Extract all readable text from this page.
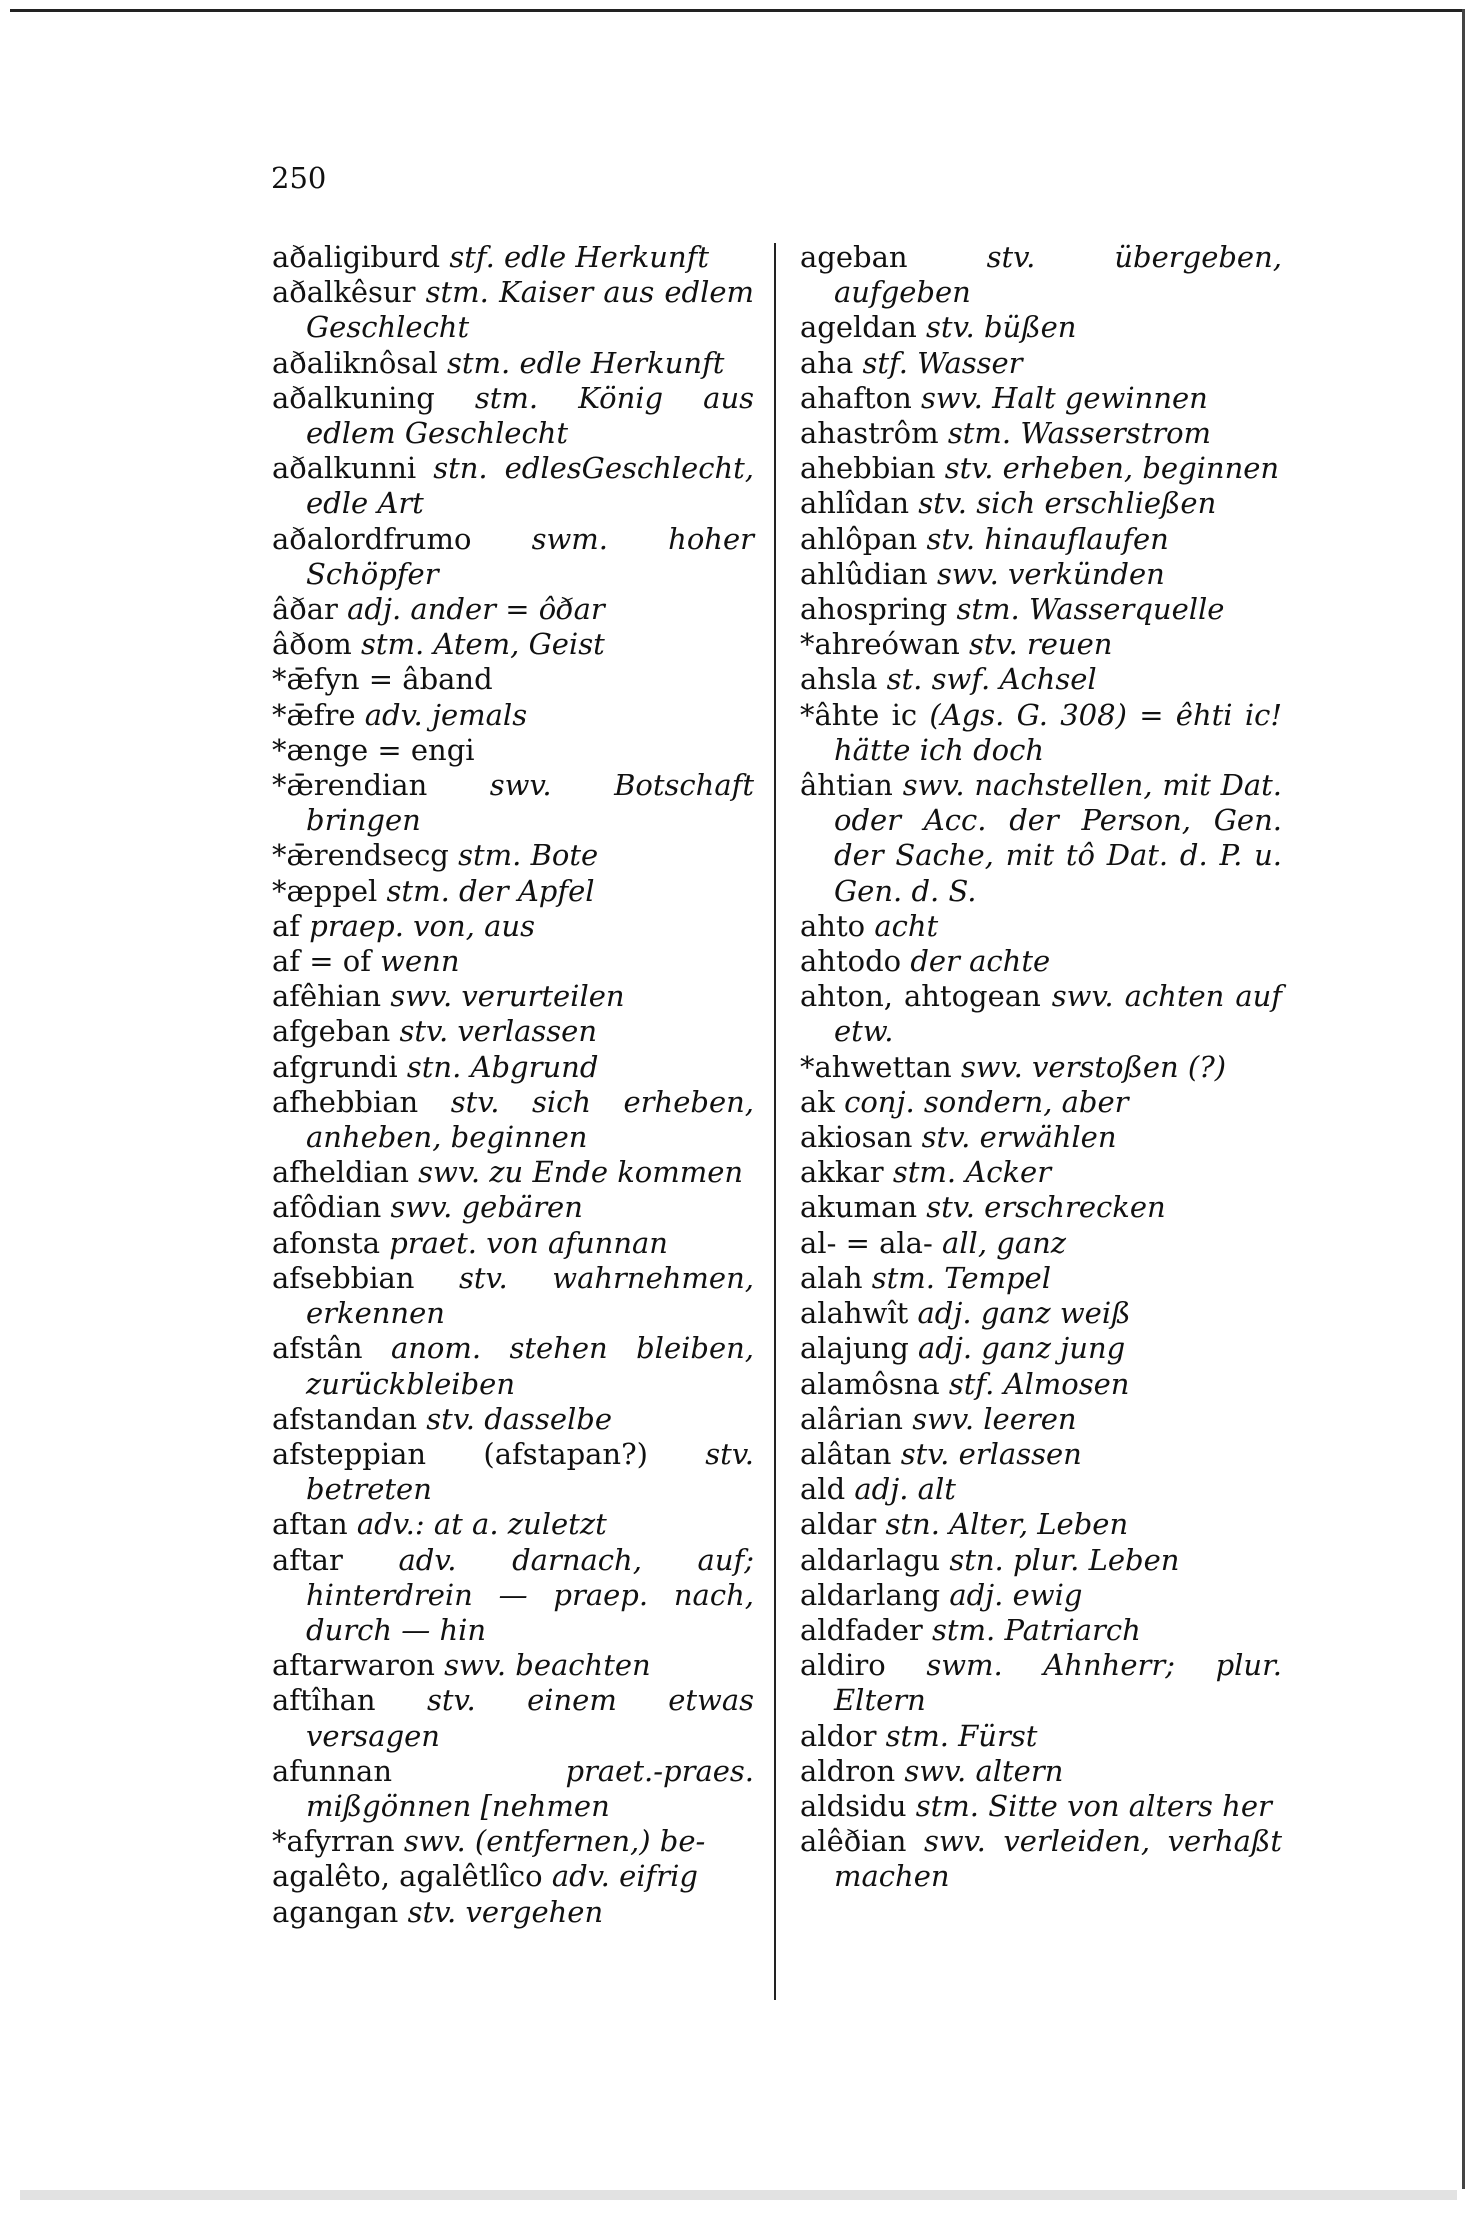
250

aðaligiburd stf. edle Herkunft

aðalkêsur stm. Kaiser aus edlem Geschlecht

aðaliknôsal stm. edle Herkunft

aðalkuning stm. König aus edlem Geschlecht

aðalkunni stn. edlesGeschlecht, edle Art

aðalordfrumo swm. hoher Schöpfer

âðar adj. ander = ôðar

âðom stm. Atem, Geist

*ǣfyn = âband

*ǣfre adv. jemals

*ænge = engi

*ǣrendian swv. Botschaft bringen

*ǣrendsecg stm. Bote

*æppel stm. der Apfel

af praep. von, aus

af = of wenn

afêhian swv. verurteilen

afgeban stv. verlassen

afgrundi stn. Abgrund

afhebbian stv. sich erheben, anheben, beginnen

afheldian swv. zu Ende kommen

afôdian swv. gebären

afonsta praet. von afunnan

afsebbian stv. wahrnehmen, erkennen

afstân anom. stehen bleiben, zurückbleiben

afstandan stv. dasselbe

afsteppian (afstapan?) stv. betreten

aftan adv.: at a. zuletzt

aftar adv. darnach, auf; hinterdrein — praep. nach, durch — hin

aftarwaron swv. beachten

aftîhan stv. einem etwas versagen

afunnan	praet.-praes. mißgönnen [nehmen

*afyrran swv. (entfernen,) be-

agalêto, agalêtlîco adv. eifrig

agangan stv. vergehen

ageban	stv.	übergeben, aufgeben

ageldan stv. büßen

aha stf. Wasser

ahafton swv. Halt gewinnen

ahastrôm stm. Wasserstrom

ahebbian stv. erheben, beginnen

ahlîdan stv. sich erschließen

ahlôpan stv. hinauflaufen

ahlûdian swv. verkünden

ahospring stm. Wasserquelle

*ahreówan stv. reuen

ahsla st. swf. Achsel

*âhte ic (Ags. G. 308) = êhti ic! hätte ich doch

âhtian swv. nachstellen, mit Dat. oder Acc. der Person, Gen. der Sache, mit tô Dat. d. P. u. Gen. d. S.

ahto acht

ahtodo der achte

ahton, ahtogean swv. achten auf etw.

*ahwettan swv. verstoßen (?)

ak conj. sondern, aber

akiosan stv. erwählen

akkar stm. Acker

akuman stv. erschrecken

al- = ala- all, ganz

alah stm. Tempel

alahwît adj. ganz weiß

alajung adj. ganz jung

alamôsna stf. Almosen

alârian swv. leeren

alâtan stv. erlassen

ald adj. alt

aldar stn. Alter, Leben

aldarlagu stn. plur. Leben

aldarlang adj. ewig

aldfader stm. Patriarch

aldiro swm. Ahnherr; plur. Eltern

aldor stm. Fürst

aldron swv. altern

aldsidu stm. Sitte von alters her

alêðian swv. verleiden, verhaßt machen
